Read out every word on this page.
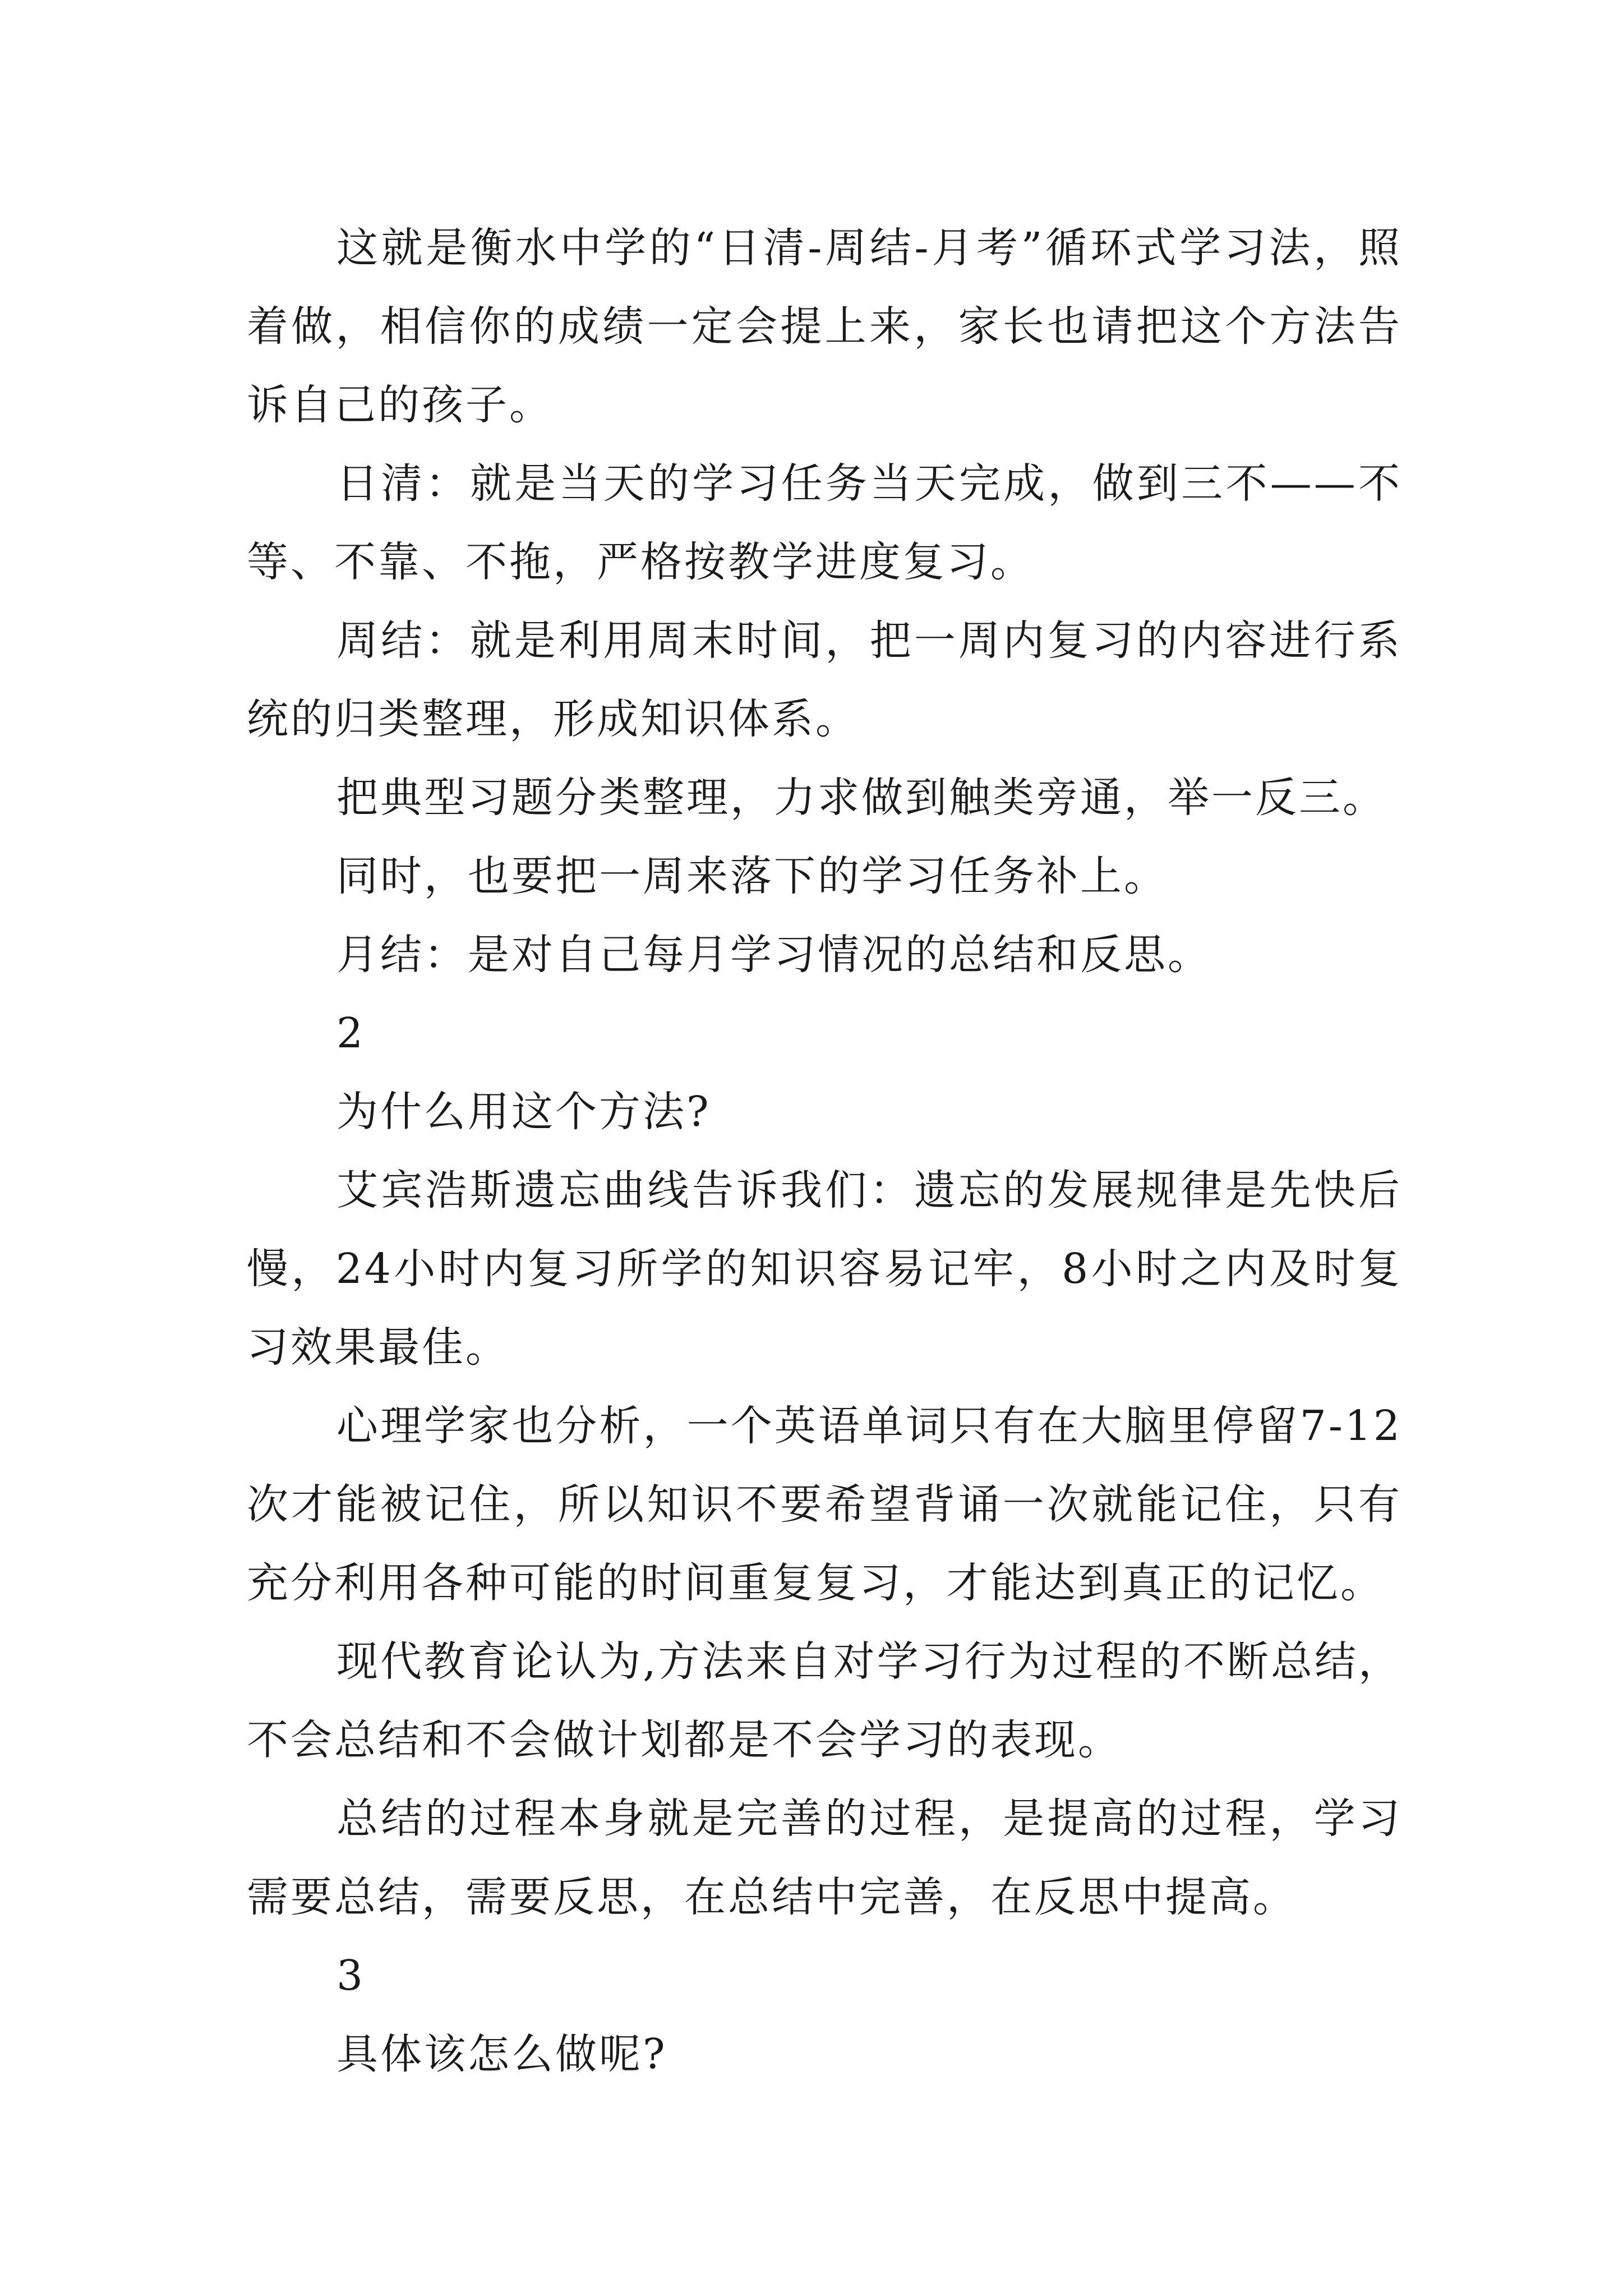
这就是衡水中学的“日清-周结-月考”循环式学习法，照着做，相信你的成绩一定会提上来，家长也请把这个方法告诉自己的孩子。

日清：就是当天的学习任务当天完成，做到三不——不等、不靠、不拖，严格按教学进度复习。

周结：就是利用周末时间，把一周内复习的内容进行系统的归类整理，形成知识体系。

把典型习题分类整理，力求做到触类旁通，举一反三。

同时，也要把一周来落下的学习任务补上。

月结：是对自己每月学习情况的总结和反思。

2

为什么用这个方法?

艾宾浩斯遗忘曲线告诉我们：遗忘的发展规律是先快后慢，24小时内复习所学的知识容易记牢，8小时之内及时复习效果最佳。

心理学家也分析，一个英语单词只有在大脑里停留7-12次才能被记住，所以知识不要希望背诵一次就能记住，只有充分利用各种可能的时间重复复习，才能达到真正的记忆。

现代教育论认为,方法来自对学习行为过程的不断总结，不会总结和不会做计划都是不会学习的表现。

总结的过程本身就是完善的过程，是提高的过程，学习需要总结，需要反思，在总结中完善，在反思中提高。

3

具体该怎么做呢?
